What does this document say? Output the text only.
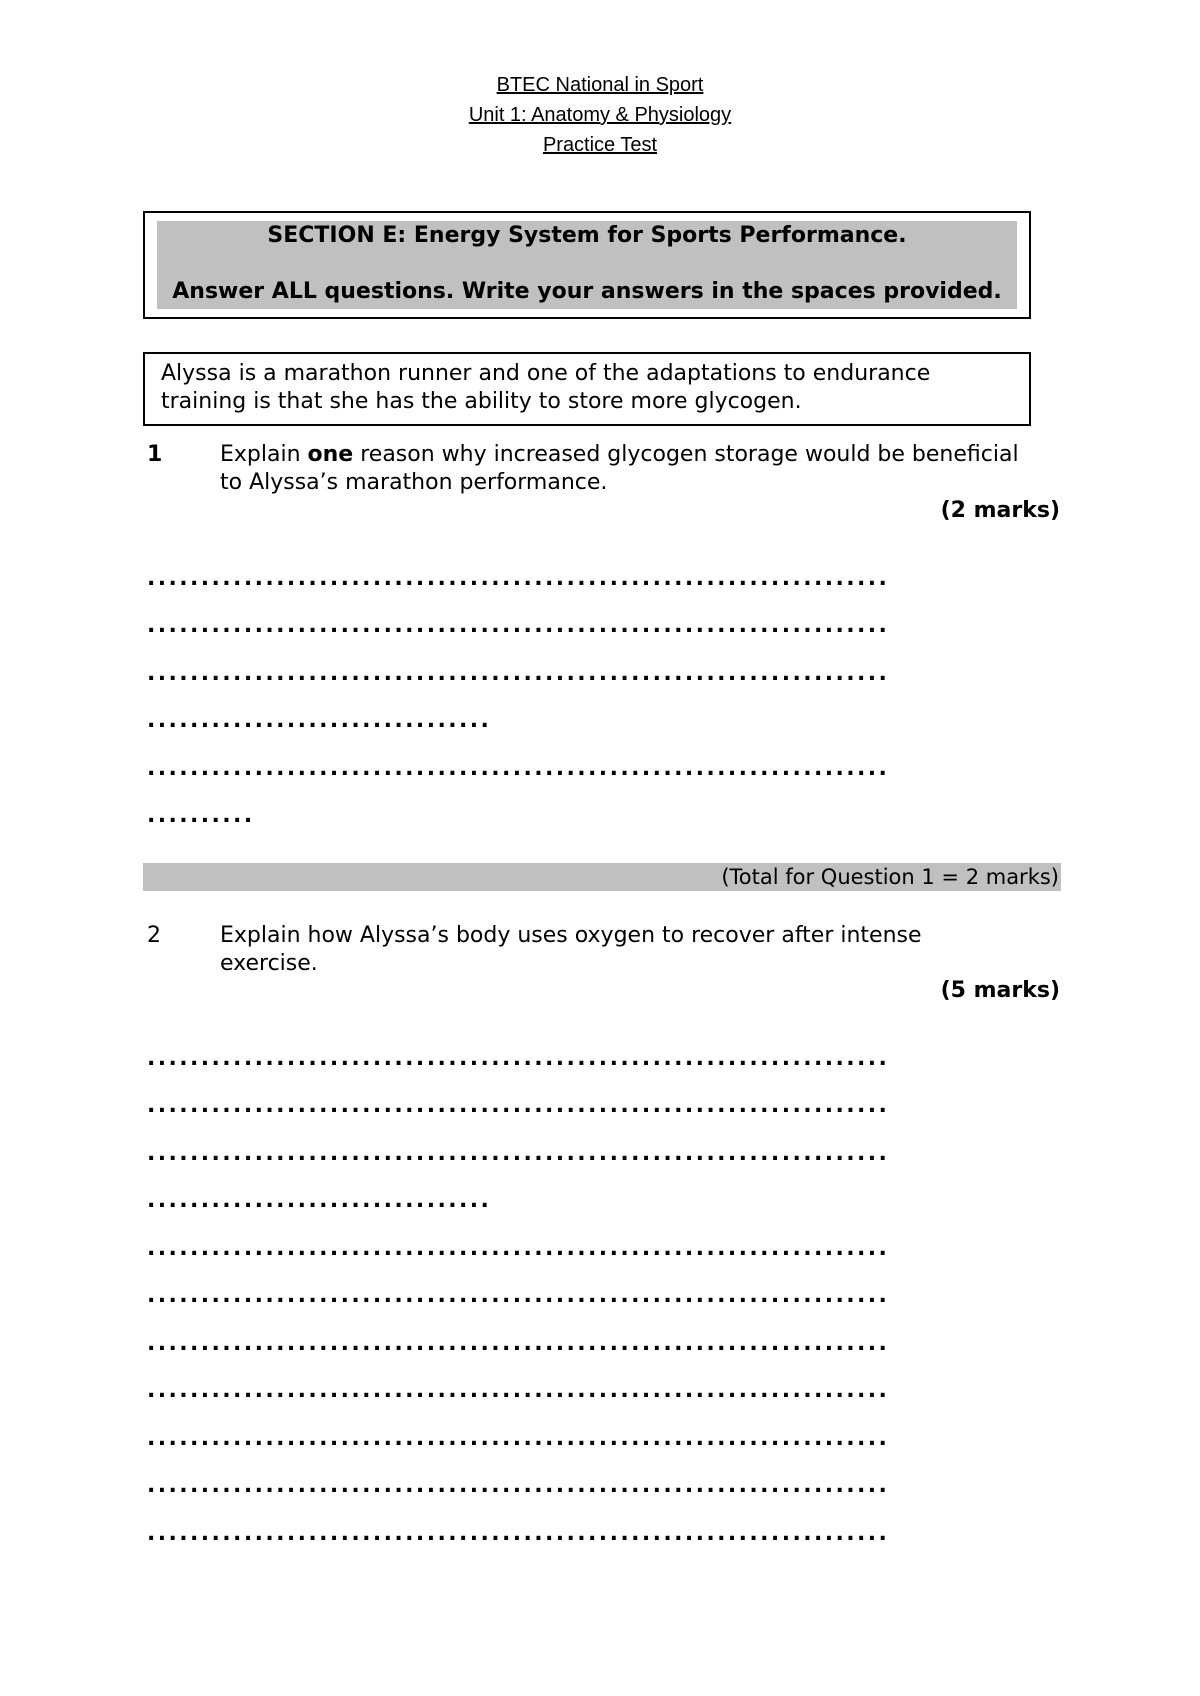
BTEC National in Sport
Unit 1: Anatomy & Physiology
Practice Test
SECTION E: Energy System for Sports Performance.
Answer ALL questions. Write your answers in the spaces provided.
Alyssa is a marathon runner and one of the adaptations to endurance training is that she has the ability to store more glycogen.
1	Explain one reason why increased glycogen storage would be beneficial to Alyssa’s marathon performance.
(2 marks)
.....................................................................
.....................................................................
.....................................................................
................................
.....................................................................
..........
(Total for Question 1 = 2 marks)
2	Explain how Alyssa’s body uses oxygen to recover after intense exercise.
(5 marks)
.....................................................................
.....................................................................
.....................................................................
................................
.....................................................................
.....................................................................
.....................................................................
.....................................................................
.....................................................................
.....................................................................
.....................................................................
